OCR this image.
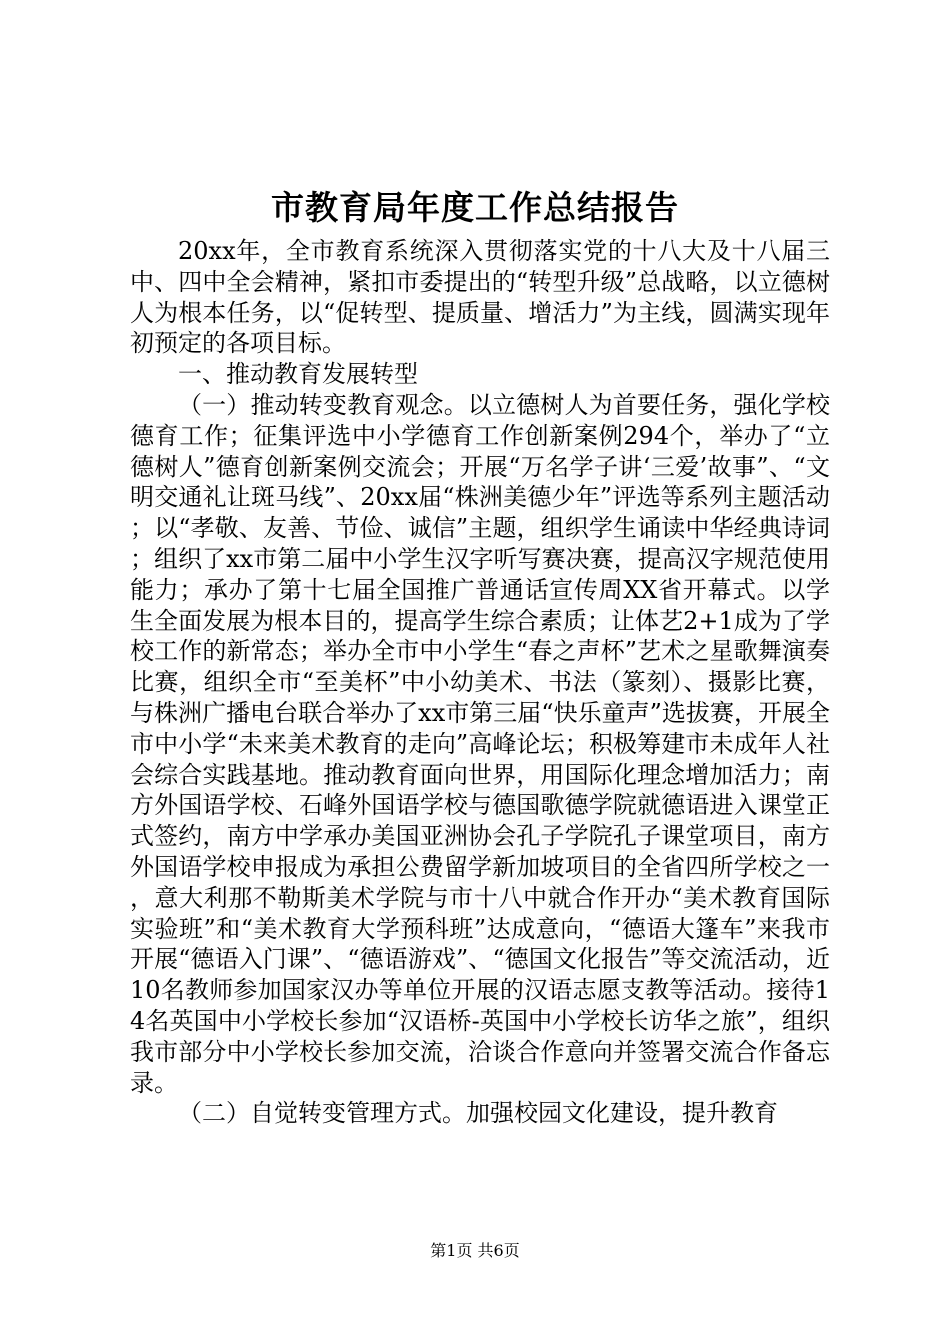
市教育局年度工作总结报告

20xx年，全市教育系统深入贯彻落实党的十八大及十八届三中、四中全会精神，紧扣市委提出的“转型升级”总战略，以立德树人为根本任务，以“促转型、提质量、增活力”为主线，圆满实现年初预定的各项目标。

一、推动教育发展转型

（一）推动转变教育观念。以立德树人为首要任务，强化学校德育工作；征集评选中小学德育工作创新案例294个，举办了“立德树人”德育创新案例交流会；开展“万名学子讲‘三爱’故事”、“文明交通礼让斑马线”、20xx届“株洲美德少年”评选等系列主题活动；以“孝敬、友善、节俭、诚信”主题，组织学生诵读中华经典诗词；组织了xx市第二届中小学生汉字听写赛决赛，提高汉字规范使用能力；承办了第十七届全国推广普通话宣传周XX省开幕式。以学生全面发展为根本目的，提高学生综合素质；让体艺2+1成为了学校工作的新常态；举办全市中小学生“春之声杯”艺术之星歌舞演奏比赛，组织全市“至美杯”中小幼美术、书法（篆刻）、摄影比赛，与株洲广播电台联合举办了xx市第三届“快乐童声”选拔赛，开展全市中小学“未来美术教育的走向”高峰论坛；积极筹建市未成年人社会综合实践基地。推动教育面向世界，用国际化理念增加活力；南方外国语学校、石峰外国语学校与德国歌德学院就德语进入课堂正式签约，南方中学承办美国亚洲协会孔子学院孔子课堂项目，南方外国语学校申报成为承担公费留学新加坡项目的全省四所学校之一，意大利那不勒斯美术学院与市十八中就合作开办“美术教育国际实验班”和“美术教育大学预科班”达成意向，“德语大篷车”来我市开展“德语入门课”、“德语游戏”、“德国文化报告”等交流活动，近10名教师参加国家汉办等单位开展的汉语志愿支教等活动。接待14名英国中小学校长参加“汉语桥-英国中小学校长访华之旅”，组织我市部分中小学校长参加交流，洽谈合作意向并签署交流合作备忘录。

（二）自觉转变管理方式。加强校园文化建设，提升教育

第1页 共6页
